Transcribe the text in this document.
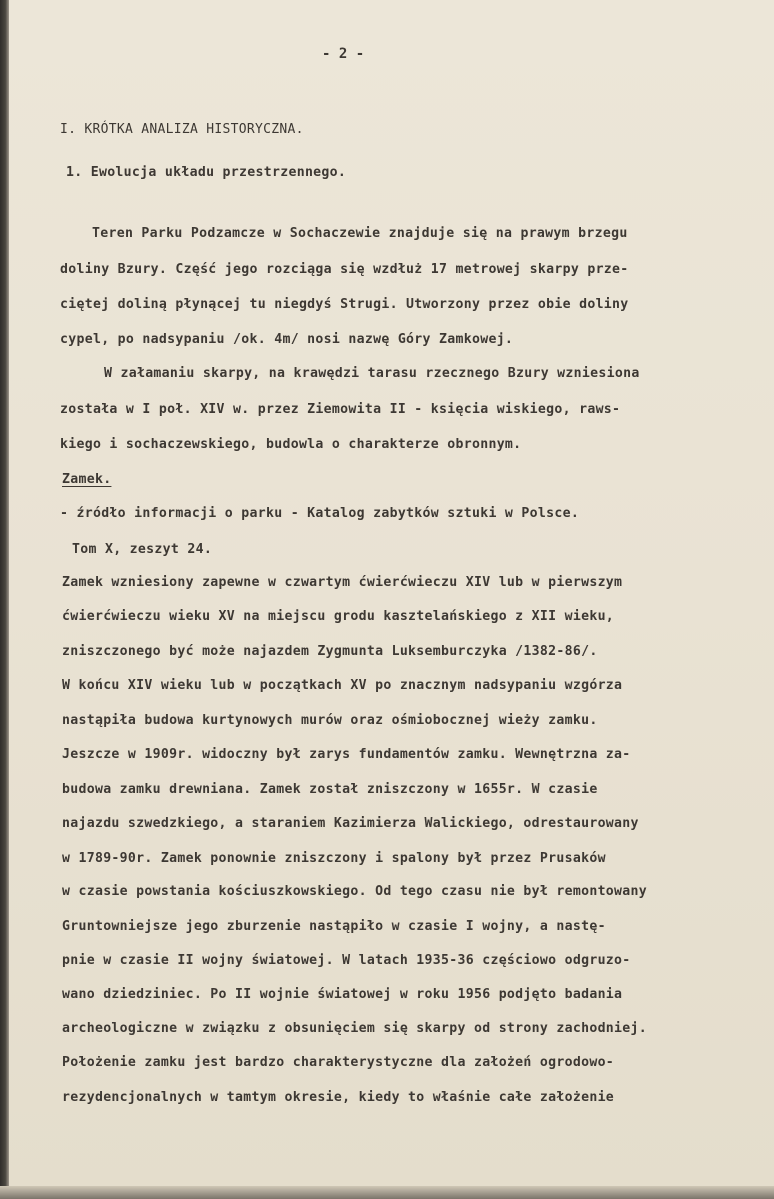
- 2 -
I. KRÓTKA ANALIZA HISTORYCZNA.
1. Ewolucja układu przestrzennego.
Teren Parku Podzamcze w Sochaczewie znajduje się na prawym brzegu
doliny Bzury. Część jego rozciąga się wzdłuż 17 metrowej skarpy prze-
ciętej doliną płynącej tu niegdyś Strugi. Utworzony przez obie doliny
cypel, po nadsypaniu /ok. 4m/ nosi nazwę Góry Zamkowej.
W załamaniu skarpy, na krawędzi tarasu rzecznego Bzury wzniesiona
została w I poł. XIV w. przez Ziemowita II - księcia wiskiego, raws-
kiego i sochaczewskiego, budowla o charakterze obronnym.
Zamek.
- źródło informacji o parku - Katalog zabytków sztuki w Polsce.
Tom X, zeszyt 24.
Zamek wzniesiony zapewne w czwartym ćwierćwieczu XIV lub w pierwszym
ćwierćwieczu wieku XV na miejscu grodu kasztelańskiego z XII wieku,
zniszczonego być może najazdem Zygmunta Luksemburczyka /1382-86/.
W końcu XIV wieku lub w początkach XV po znacznym nadsypaniu wzgórza
nastąpiła budowa kurtynowych murów oraz ośmiobocznej wieży zamku.
Jeszcze w 1909r. widoczny był zarys fundamentów zamku. Wewnętrzna za-
budowa zamku drewniana. Zamek został zniszczony w 1655r. W czasie
najazdu szwedzkiego, a staraniem Kazimierza Walickiego, odrestaurowany
w 1789-90r. Zamek ponownie zniszczony i spalony był przez Prusaków
w czasie powstania kościuszkowskiego. Od tego czasu nie był remontowany
Gruntowniejsze jego zburzenie nastąpiło w czasie I wojny, a nastę-
pnie w czasie II wojny światowej. W latach 1935-36 częściowo odgruzo-
wano dziedziniec. Po II wojnie światowej w roku 1956 podjęto badania
archeologiczne w związku z obsunięciem się skarpy od strony zachodniej.
Położenie zamku jest bardzo charakterystyczne dla założeń ogrodowo-
rezydencjonalnych w tamtym okresie, kiedy to właśnie całe założenie
